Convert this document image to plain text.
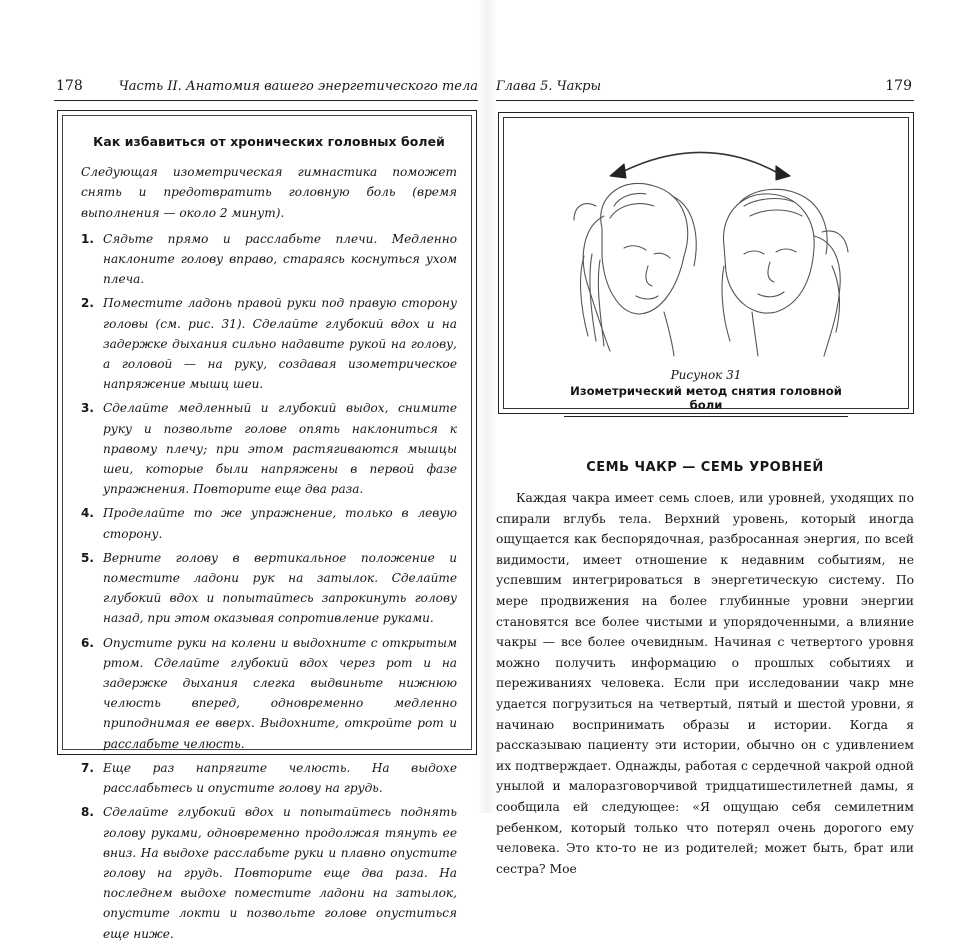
178	Часть II. Анатомия вашего энергетического тела
Как избавиться от хронических головных болей

Следующая изометрическая гимнастика поможет снять и предотвратить головную боль (время выполнения — около 2 минут).

1. Сядьте прямо и расслабьте плечи. Медленно наклоните голову вправо, стараясь коснуться ухом плеча.
2. Поместите ладонь правой руки под правую сторону головы (см. рис. 31). Сделайте глубокий вдох и на задержке дыхания сильно надавите рукой на голову, а головой — на руку, создавая изометрическое напряжение мышц шеи.
3. Сделайте медленный и глубокий выдох, снимите руку и позвольте голове опять наклониться к правому плечу; при этом растягиваются мышцы шеи, которые были напряжены в первой фазе упражнения. Повторите еще два раза.
4. Проделайте то же упражнение, только в левую сторону.
5. Верните голову в вертикальное положение и поместите ладони рук на затылок. Сделайте глубокий вдох и попытайтесь запрокинуть голову назад, при этом оказывая сопротивление руками.
6. Опустите руки на колени и выдохните с открытым ртом. Сделайте глубокий вдох через рот и на задержке дыхания слегка выдвиньте нижнюю челюсть вперед, одновременно медленно приподнимая ее вверх. Выдохните, откройте рот и расслабьте челюсть.
7. Еще раз напрягите челюсть. На выдохе расслабьтесь и опустите голову на грудь.
8. Сделайте глубокий вдох и попытайтесь поднять голову руками, одновременно продолжая тянуть ее вниз. На выдохе расслабьте руки и плавно опустите голову на грудь. Повторите еще два раза. На последнем выдохе поместите ладони на затылок, опустите локти и позвольте голове опуститься еще ниже.
Глава 5. Чакры	179
Рисунок 31
Изометрический метод снятия головной боли
СЕМЬ ЧАКР — СЕМЬ УРОВНЕЙ

Каждая чакра имеет семь слоев, или уровней, уходящих по спирали вглубь тела. Верхний уровень, который иногда ощущается как беспорядочная, разбросанная энергия, по всей видимости, имеет отношение к недавним событиям, не успевшим интегрироваться в энергетическую систему. По мере продвижения на более глубинные уровни энергии становятся все более чистыми и упорядоченными, а влияние чакры — все более очевидным. Начиная с четвертого уровня можно получить информацию о прошлых событиях и переживаниях человека. Если при исследовании чакр мне удается погрузиться на четвертый, пятый и шестой уровни, я начинаю воспринимать образы и истории. Когда я рассказываю пациенту эти истории, обычно он с удивлением их подтверждает. Однажды, работая с сердечной чакрой одной унылой и малоразговорчивой тридцатишестилетней дамы, я сообщила ей следующее: «Я ощущаю себя семилетним ребенком, который только что потерял очень дорогого ему человека. Это кто-то не из родителей; может быть, брат или сестра? Мое
